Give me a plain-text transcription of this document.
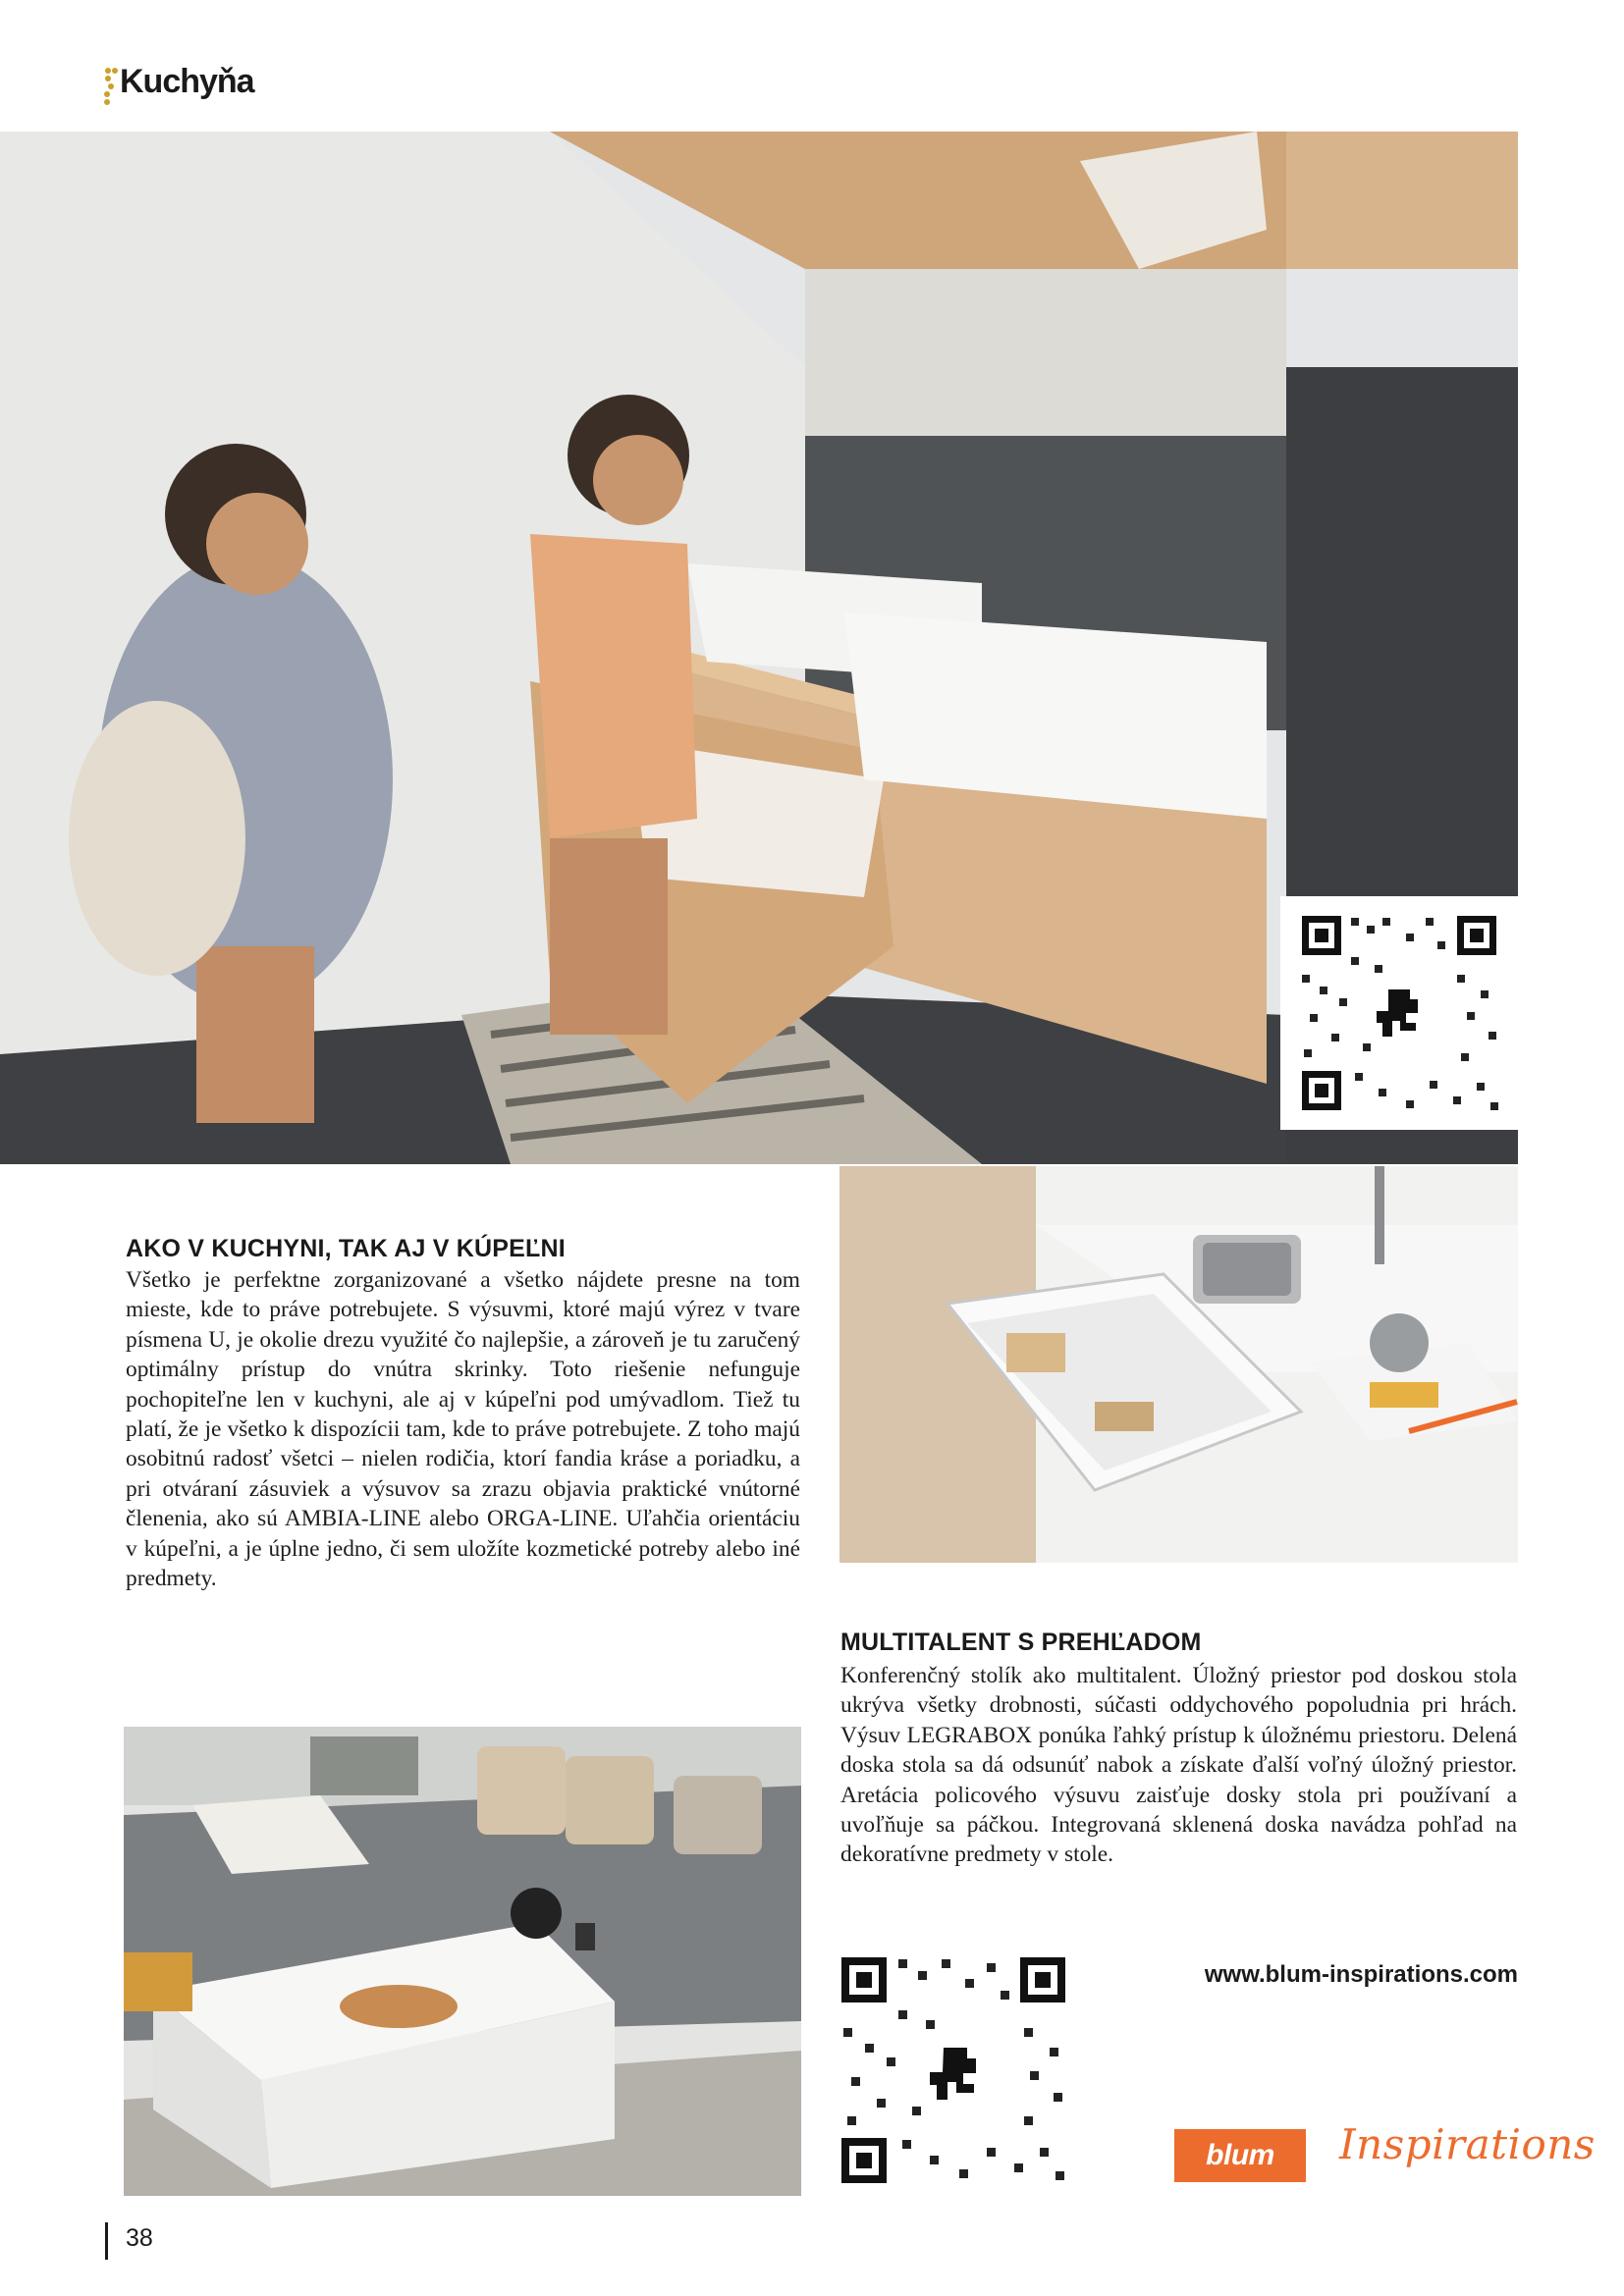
Kuchyňa
AKO V KUCHYNI, TAK AJ V KÚPEĽNI

Všetko je perfektne zorganizované a všetko nájdete presne na tom mieste, kde to práve potrebujete. S výsuvmi, ktoré majú výrez v tvare písmena U, je okolie drezu využité čo najlepšie, a zároveň je tu zaručený optimálny prístup do vnútra skrinky. Toto riešenie nefunguje pochopiteľne len v kuchyni, ale aj v kúpeľni pod umývadlom. Tiež tu platí, že je všetko k dispozícii tam, kde to práve potrebujete. Z toho majú osobitnú radosť všetci – nielen rodičia, ktorí fandia kráse a poriadku, a pri otváraní zásuviek a výsuvov sa zrazu objavia praktické vnútorné členenia, ako sú AMBIA-LINE alebo ORGA-LINE. Uľahčia orientáciu v kúpeľni, a je úplne jedno, či sem uložíte kozmetické potreby alebo iné predmety.

MULTITALENT S PREHĽADOM

Konferenčný stolík ako multitalent. Úložný priestor pod doskou stola ukrýva všetky drobnosti, súčasti oddychového popoludnia pri hrách. Výsuv LEGRABOX ponúka ľahký prístup k úložnému priestoru. Delená doska stola sa dá odsunúť nabok a získate ďalší voľný úložný priestor. Aretácia policového výsuvu zaisťuje dosky stola pri používaní a uvoľňuje sa páčkou. Integrovaná sklenená doska navádza pohľad na dekoratívne predmety v stole.

www.blum-inspirations.com
blum	Inspirations
38
